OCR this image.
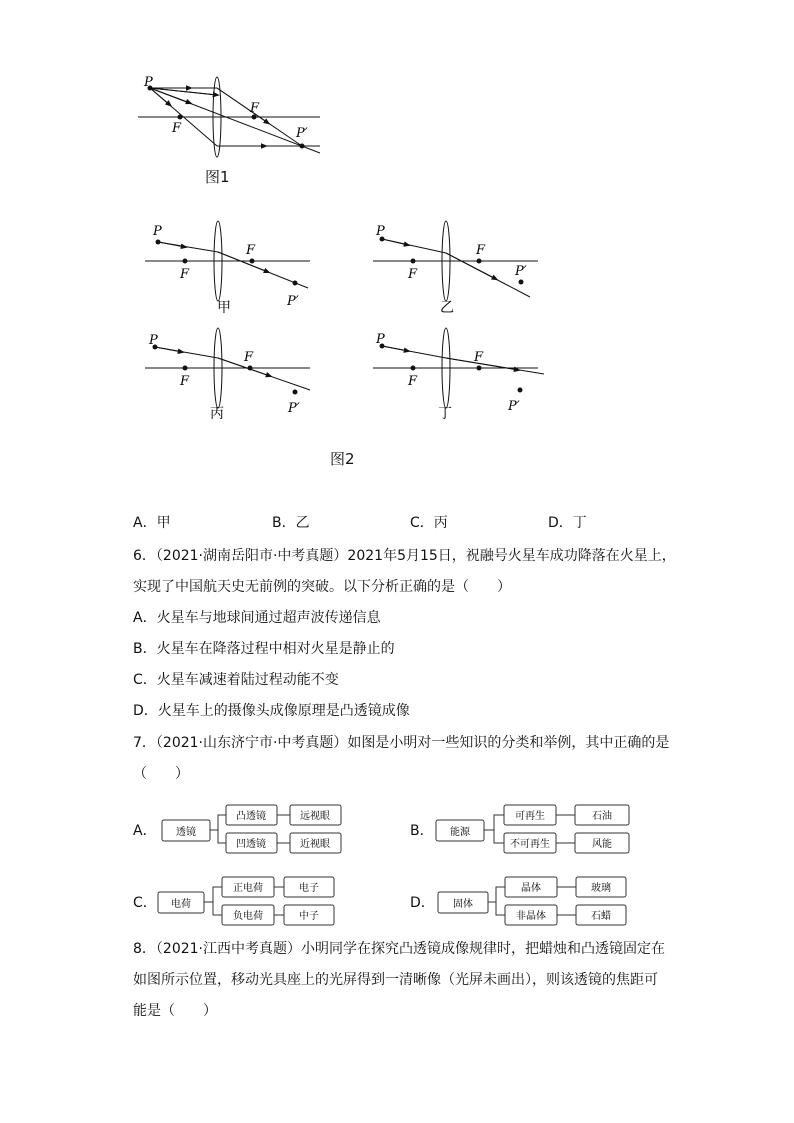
P
F
F
P′
图1
P
F
F
P′
甲
P
F
F
P′
乙
P
F
F
P′
丙
P
F
F
P′
丁
图2
A．甲	B．乙	C．丙	D．丁
6．（2021·湖南岳阳市·中考真题）2021年5月15日，祝融号火星车成功降落在火星上，
实现了中国航天史无前例的突破。以下分析正确的是（　　）
A．火星车与地球间通过超声波传递信息
B．火星车在降落过程中相对火星是静止的
C．火星车减速着陆过程动能不变
D．火星车上的摄像头成像原理是凸透镜成像
7．（2021·山东济宁市·中考真题）如图是小明对一些知识的分类和举例，其中正确的是
（　　）
A． 透镜
凸透镜
凹透镜
远视眼
近视眼
B． 能源
可再生
不可再生
石油
风能
C． 电荷
正电荷
负电荷
电子
中子
D． 固体
晶体
非晶体
玻璃
石蜡
8．（2021·江西中考真题）小明同学在探究凸透镜成像规律时，把蜡烛和凸透镜固定在
如图所示位置，移动光具座上的光屏得到一清晰像（光屏未画出），则该透镜的焦距可
能是（　　）
